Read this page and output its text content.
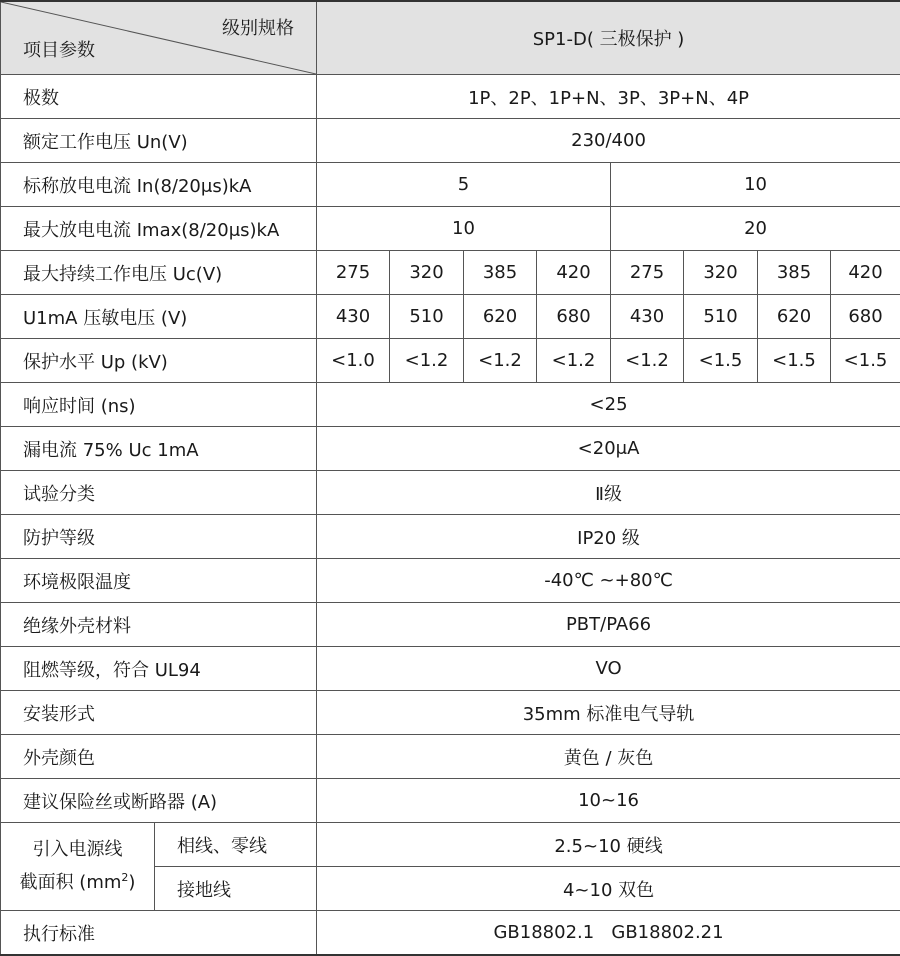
级别规格
项目参数		SP1-D( 三极保护 )							
极数		1P、2P、1P+N、3P、3P+N、4P							
额定工作电压 Un(V)		230/400							
标称放电电流 In(8/20μs)kA		5				10			
最大放电电流 Imax(8/20μs)kA		10				20			
最大持续工作电压 Uc(V)		275	320	385	420	275	320	385	420
U1mA 压敏电压 (V)		430	510	620	680	430	510	620	680
保护水平 Up (kV)		<1.0	<1.2	<1.2	<1.2	<1.2	<1.5	<1.5	<1.5
响应时间 (ns)		<25							
漏电流 75% Uc 1mA		<20μA							
试验分类		Ⅱ级							
防护等级		IP20 级							
环境极限温度		-40℃ ~+80℃							
绝缘外壳材料		PBT/PA66							
阻燃等级，符合 UL94		VO							
安装形式		35mm 标准电气导轨							
外壳颜色		黄色 / 灰色							
建议保险丝或断路器 (A)		10~16							

引入电源线
截面积 $(mm^2)$	相线、零线	2.5~10 硬线							
	接地线	4~10 双色							
执行标准		GB18802.1   GB18802.21							
